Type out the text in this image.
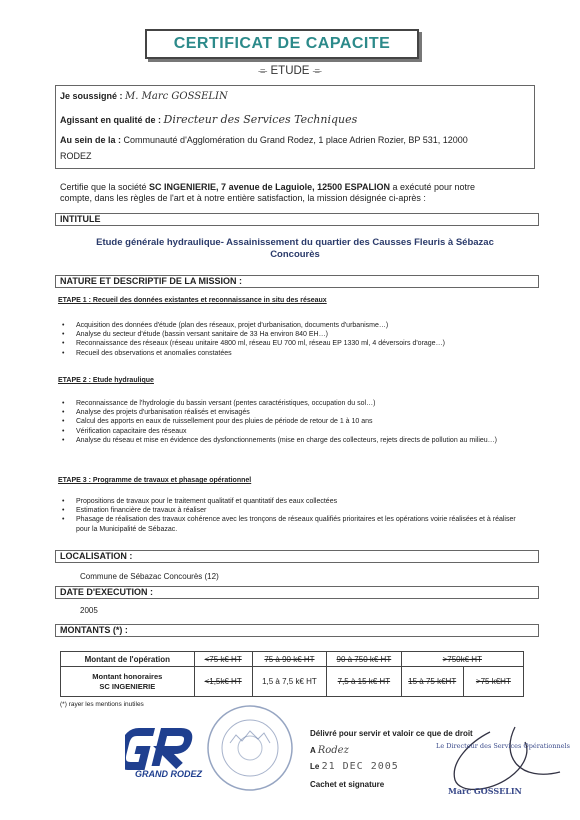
CERTIFICAT DE CAPACITE
⌯ ETUDE ⌯
Je soussigné : M. Marc GOSSELIN
Agissant en qualité de : Directeur des Services Techniques
Au sein de la : Communauté d'Agglomération du Grand Rodez, 1 place Adrien Rozier, BP 531, 12000
RODEZ
Certifie que la société SC INGENIERIE, 7 avenue de Laguiole, 12500 ESPALION a exécuté pour notre
compte, dans les règles de l'art et à notre entière satisfaction, la mission désignée ci-après :
INTITULE
Etude générale hydraulique- Assainissement du quartier des Causses Fleuris à Sébazac
Concourès
NATURE ET DESCRIPTIF DE LA MISSION :
ETAPE 1 : Recueil des données existantes et reconnaissance in situ des réseaux
• Acquisition des données d'étude (plan des réseaux, projet d'urbanisation, documents d'urbanisme…)
• Analyse du secteur d'étude (bassin versant sanitaire de 33 Ha environ 840 EH…)
• Reconnaissance des réseaux (réseau unitaire 4800 ml, réseau EU 700 ml, réseau EP 1330 ml, 4 déversoirs d'orage…)
• Recueil des observations et anomalies constatées
ETAPE 2 : Etude hydraulique
• Reconnaissance de l'hydrologie du bassin versant (pentes caractéristiques, occupation du sol…)
• Analyse des projets d'urbanisation réalisés et envisagés
• Calcul des apports en eaux de ruissellement pour des pluies de période de retour de 1 à 10 ans
• Vérification capacitaire des réseaux
• Analyse du réseau et mise en évidence des dysfonctionnements (mise en charge des collecteurs, rejets directs de pollution au milieu…)
ETAPE 3 : Programme de travaux et phasage opérationnel
• Propositions de travaux pour le traitement qualitatif et quantitatif des eaux collectées
• Estimation financière de travaux à réaliser
• Phasage de réalisation des travaux cohérence avec les tronçons de réseaux qualifiés prioritaires et les opérations voirie réalisées et à réaliser pour la Municipalité de Sébazac.
LOCALISATION :
Commune de Sébazac Concourès (12)
DATE D'EXECUTION :
2005
MONTANTS (*) :
Montant de l'opération	<75 k€ HT	75 à 90 k€ HT	90 à 750 k€ HT	>750k€ HT	
Montant honoraires
SC INGENIERIE	<1,5k€ HT	1,5 à 7,5 k€ HT	7,5 à 15 k€ HT	15 à 75 k€HT	>75 k€HT
(*) rayer les mentions inutiles
GRAND RODEZ
Délivré pour servir et valoir ce que de droit
A Rodez
Le 21 DEC 2005
Cachet et signature
Le Directeur des Services Opérationnels
Marc GOSSELIN
